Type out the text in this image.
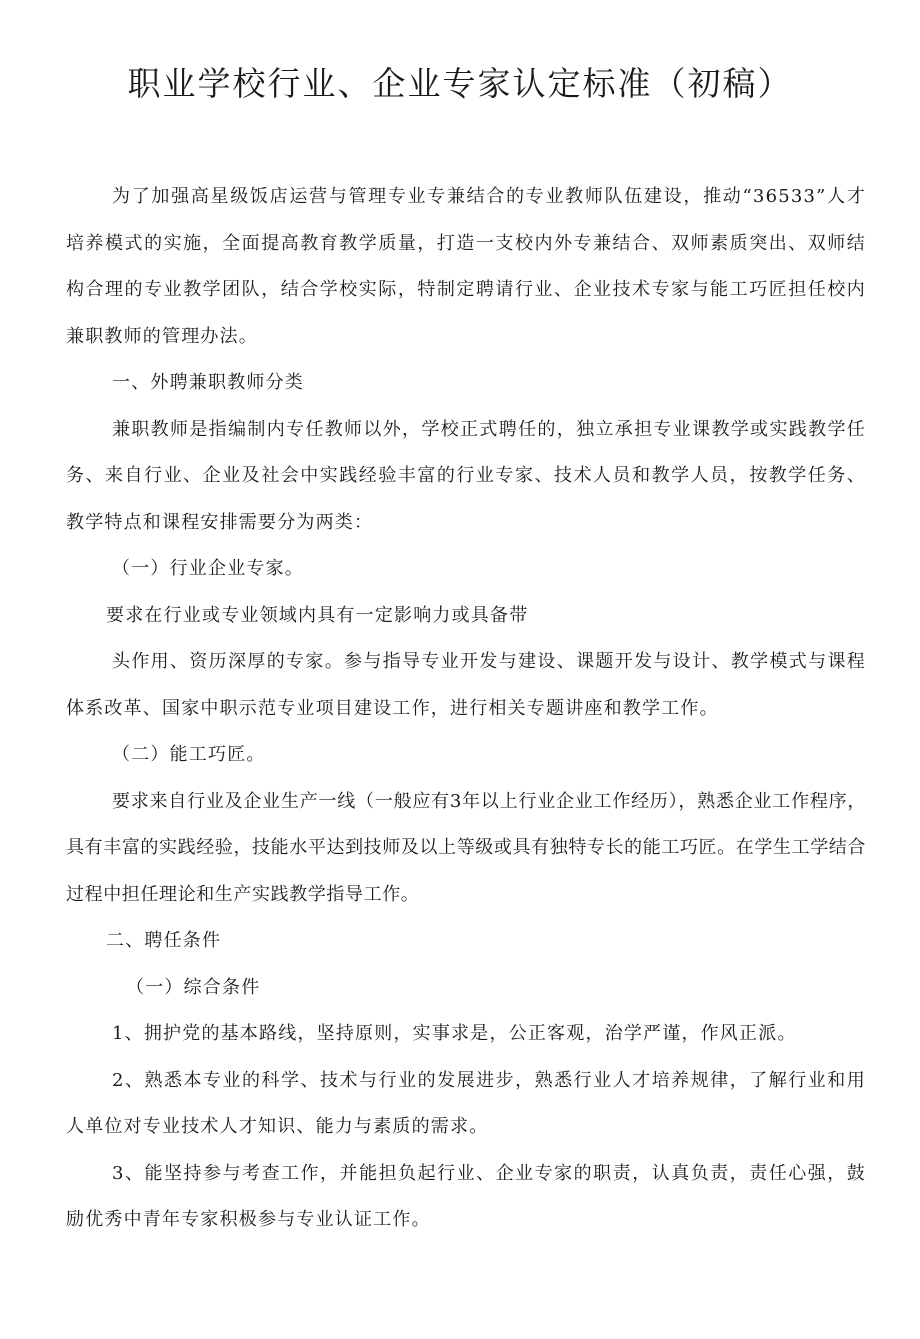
职业学校行业、企业专家认定标准（初稿）

为了加强高星级饭店运营与管理专业专兼结合的专业教师队伍建设，推动“36533”人才培养模式的实施，全面提高教育教学质量，打造一支校内外专兼结合、双师素质突出、双师结构合理的专业教学团队，结合学校实际，特制定聘请行业、企业技术专家与能工巧匠担任校内兼职教师的管理办法。

一、外聘兼职教师分类

兼职教师是指编制内专任教师以外，学校正式聘任的，独立承担专业课教学或实践教学任务、来自行业、企业及社会中实践经验丰富的行业专家、技术人员和教学人员，按教学任务、教学特点和课程安排需要分为两类：

（一）行业企业专家。

要求在行业或专业领域内具有一定影响力或具备带

头作用、资历深厚的专家。参与指导专业开发与建设、课题开发与设计、教学模式与课程体系改革、国家中职示范专业项目建设工作，进行相关专题讲座和教学工作。

（二）能工巧匠。

要求来自行业及企业生产一线（一般应有3年以上行业企业工作经历），熟悉企业工作程序，具有丰富的实践经验，技能水平达到技师及以上等级或具有独特专长的能工巧匠。在学生工学结合过程中担任理论和生产实践教学指导工作。

二、聘任条件

（一）综合条件

1、拥护党的基本路线，坚持原则，实事求是，公正客观，治学严谨，作风正派。

2、熟悉本专业的科学、技术与行业的发展进步，熟悉行业人才培养规律，了解行业和用人单位对专业技术人才知识、能力与素质的需求。

3、能坚持参与考查工作，并能担负起行业、企业专家的职责，认真负责，责任心强，鼓励优秀中青年专家积极参与专业认证工作。
